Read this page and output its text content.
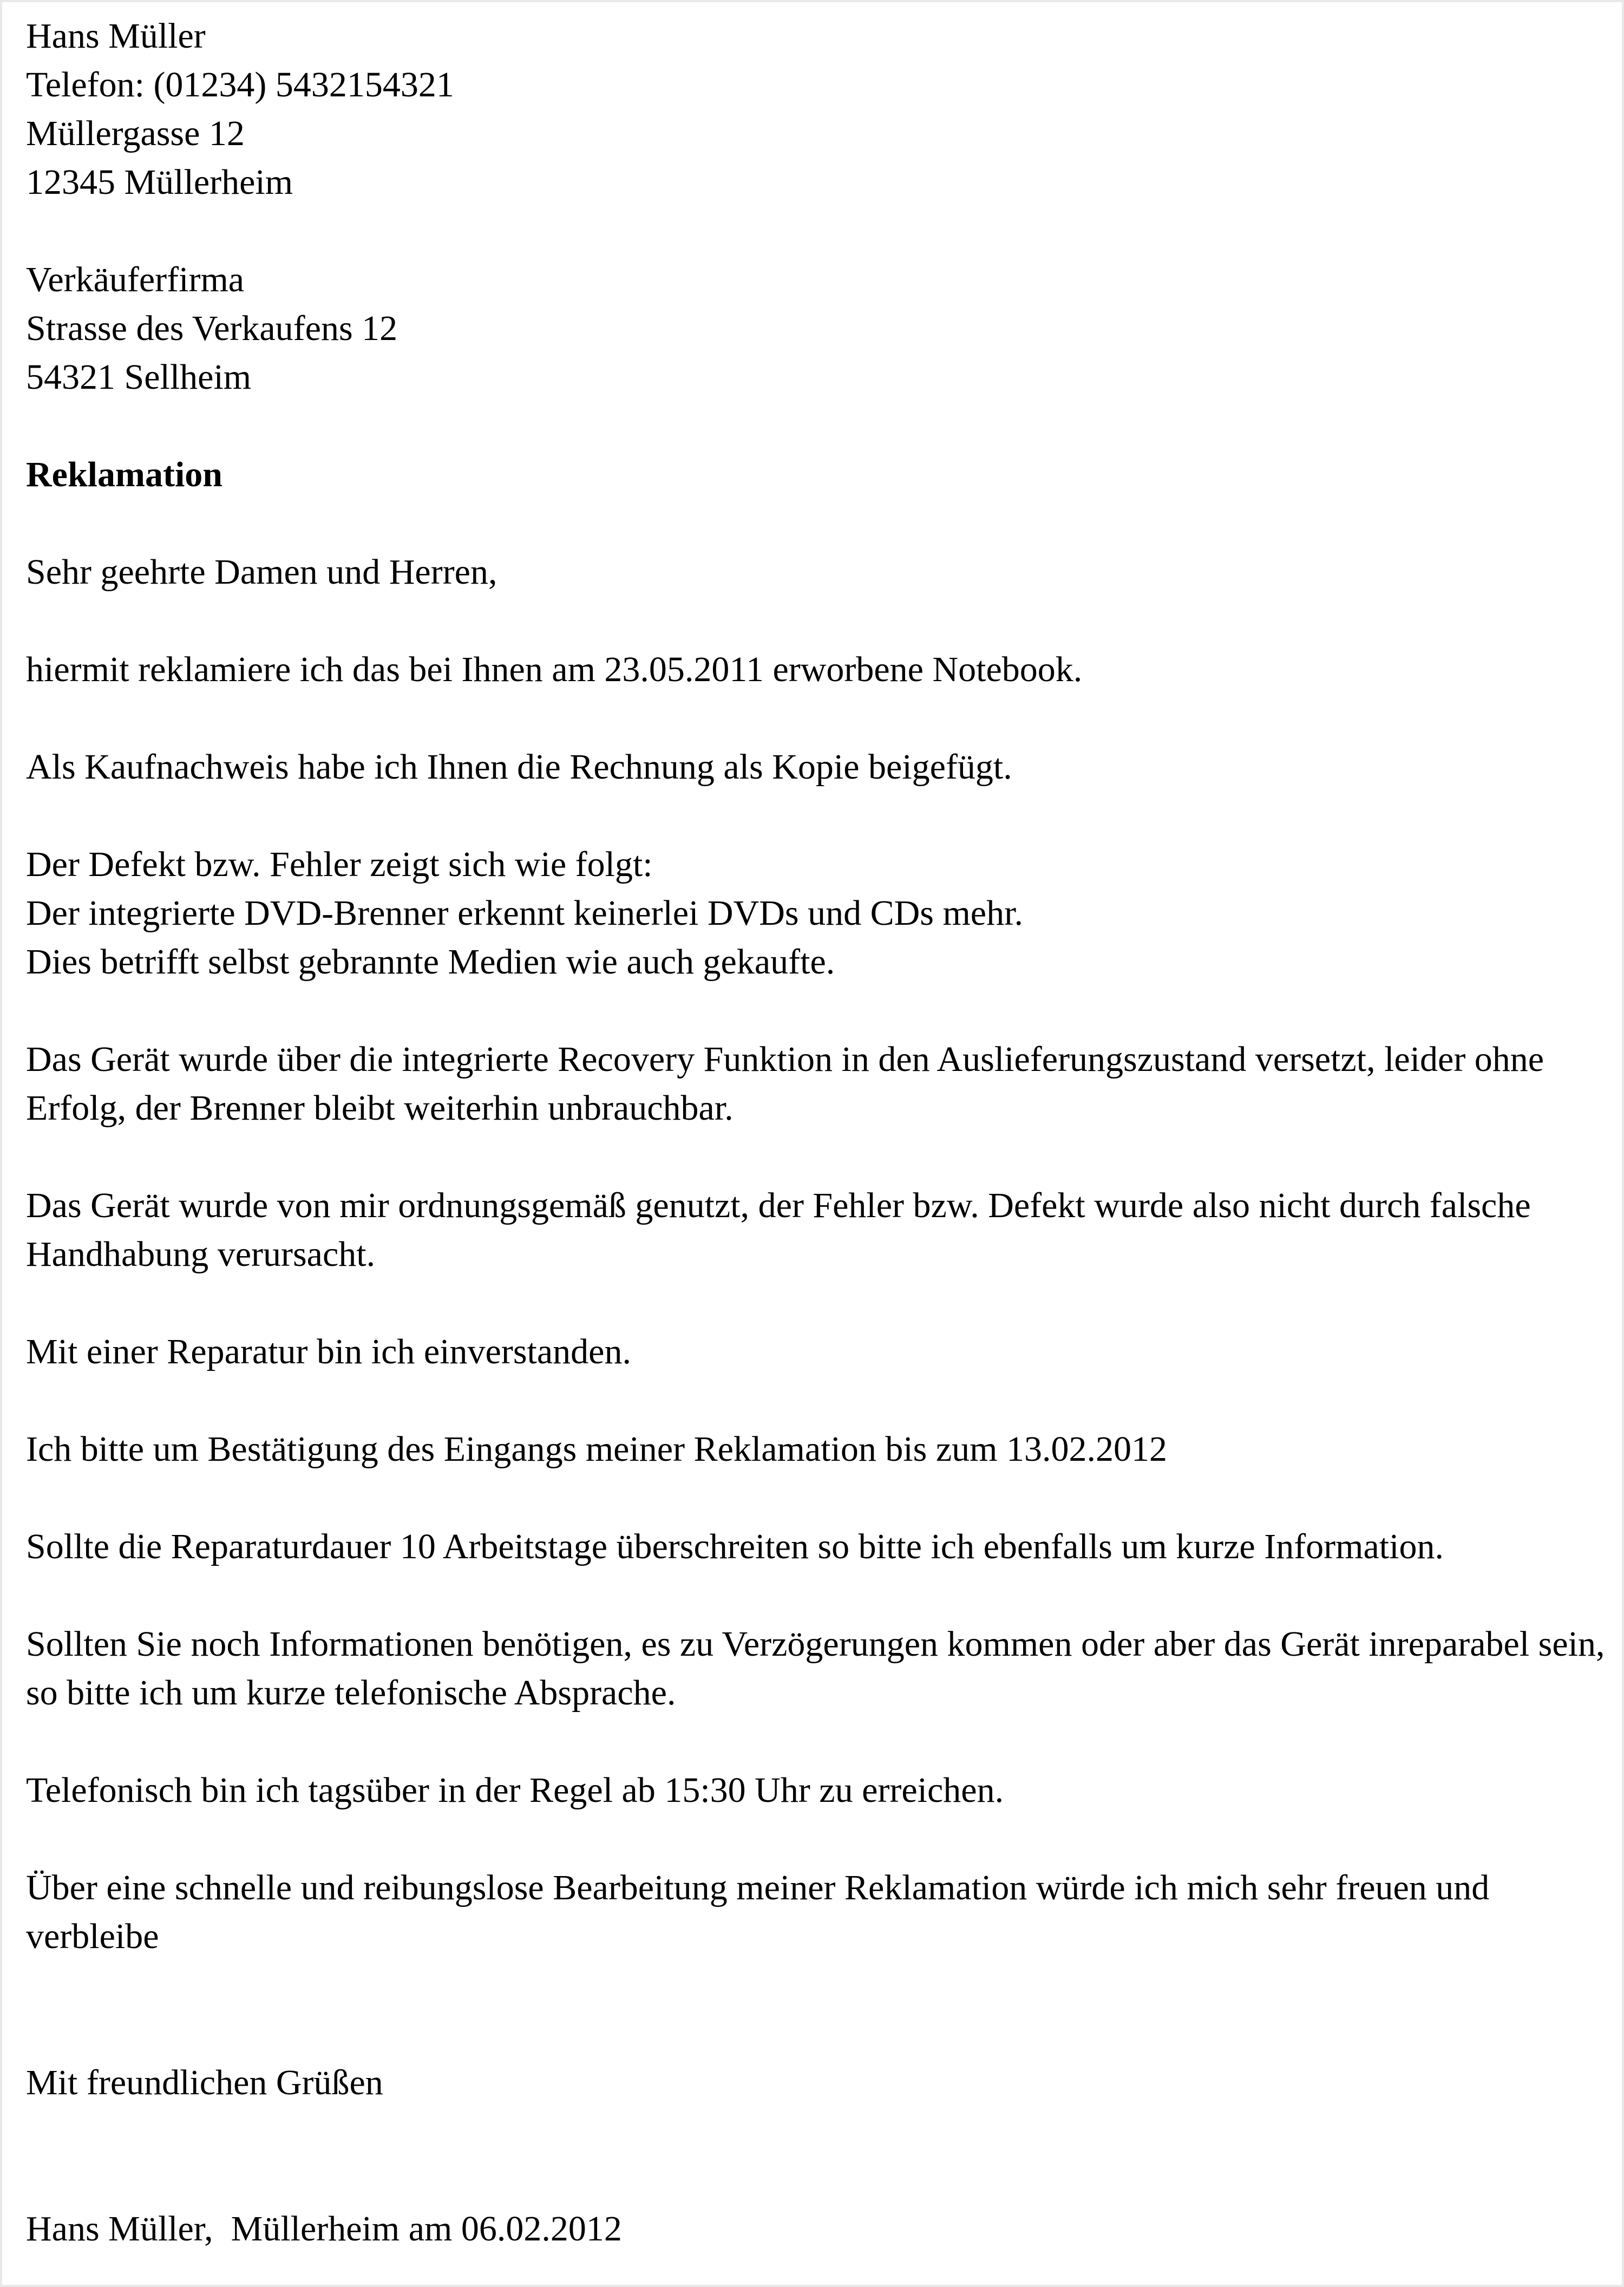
Hans Müller
Telefon: (01234) 5432154321
Müllergasse 12
12345 Müllerheim
Verkäuferfirma
Strasse des Verkaufens 12
54321 Sellheim
Reklamation
Sehr geehrte Damen und Herren,
hiermit reklamiere ich das bei Ihnen am 23.05.2011 erworbene Notebook.
Als Kaufnachweis habe ich Ihnen die Rechnung als Kopie beigefügt.
Der Defekt bzw. Fehler zeigt sich wie folgt:
Der integrierte DVD-Brenner erkennt keinerlei DVDs und CDs mehr.
Dies betrifft selbst gebrannte Medien wie auch gekaufte.
Das Gerät wurde über die integrierte Recovery Funktion in den Auslieferungszustand versetzt, leider ohne Erfolg, der Brenner bleibt weiterhin unbrauchbar.
Das Gerät wurde von mir ordnungsgemäß genutzt, der Fehler bzw. Defekt wurde also nicht durch falsche Handhabung verursacht.
Mit einer Reparatur bin ich einverstanden.
Ich bitte um Bestätigung des Eingangs meiner Reklamation bis zum 13.02.2012
Sollte die Reparaturdauer 10 Arbeitstage überschreiten so bitte ich ebenfalls um kurze Information.
Sollten Sie noch Informationen benötigen, es zu Verzögerungen kommen oder aber das Gerät inreparabel sein, so bitte ich um kurze telefonische Absprache.
Telefonisch bin ich tagsüber in der Regel ab 15:30 Uhr zu erreichen.
Über eine schnelle und reibungslose Bearbeitung meiner Reklamation würde ich mich sehr freuen und verbleibe
Mit freundlichen Grüßen
Hans Müller,  Müllerheim am 06.02.2012
